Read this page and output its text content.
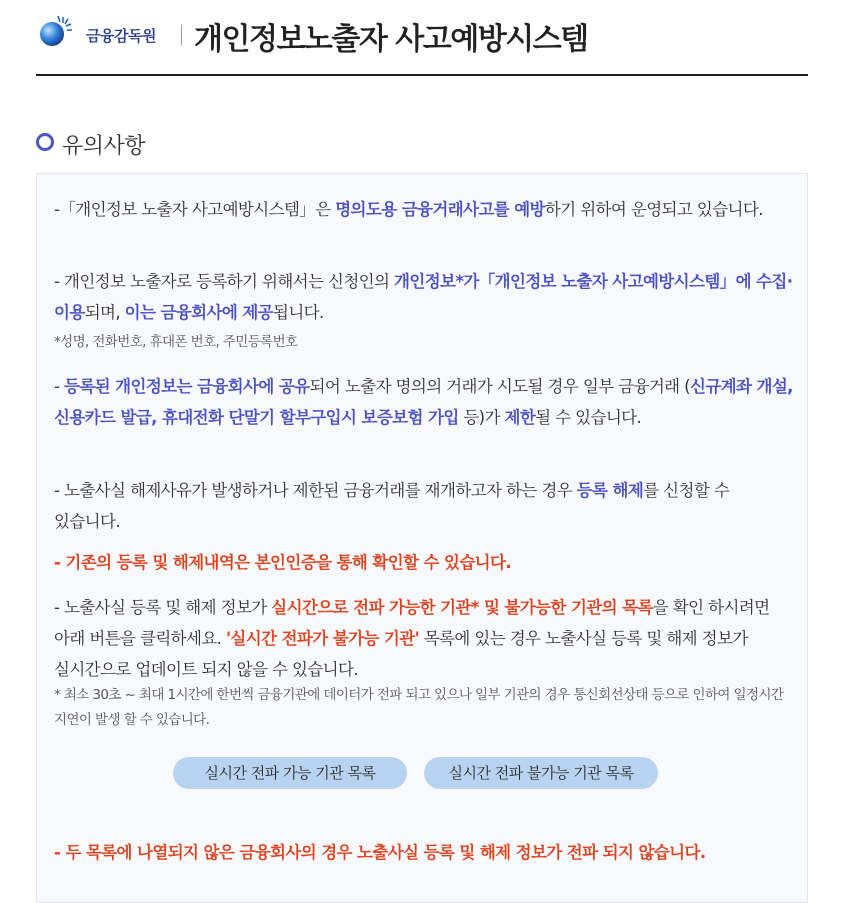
금융감독원 개인정보노출자 사고예방시스템
유의사항
-「개인정보 노출자 사고예방시스템」은 명의도용 금융거래사고를 예방하기 위하여 운영되고 있습니다.
- 개인정보 노출자로 등록하기 위해서는 신청인의 개인정보*가「개인정보 노출자 사고예방시스템」에 수집·이용되며, 이는 금융회사에 제공됩니다.
*성명, 전화번호, 휴대폰 번호, 주민등록번호
- 등록된 개인정보는 금융회사에 공유되어 노출자 명의의 거래가 시도될 경우 일부 금융거래 (신규계좌 개설, 신용카드 발급, 휴대전화 단말기 할부구입시 보증보험 가입 등)가 제한될 수 있습니다.
- 노출사실 해제사유가 발생하거나 제한된 금융거래를 재개하고자 하는 경우 등록 해제를 신청할 수 있습니다.
- 기존의 등록 및 해제내역은 본인인증을 통해 확인할 수 있습니다.
- 노출사실 등록 및 해제 정보가 실시간으로 전파 가능한 기관* 및 불가능한 기관의 목록을 확인 하시려면 아래 버튼을 클릭하세요. '실시간 전파가 불가능 기관' 목록에 있는 경우 노출사실 등록 및 해제 정보가 실시간으로 업데이트 되지 않을 수 있습니다.
* 최소 30초 ~ 최대 1시간에 한번씩 금융기관에 데이터가 전파 되고 있으나 일부 기관의 경우 통신회선상태 등으로 인하여 일정시간 지연이 발생 할 수 있습니다.
실시간 전파 가능 기관 목록	실시간 전파 불가능 기관 목록
- 두 목록에 나열되지 않은 금융회사의 경우 노출사실 등록 및 해제 정보가 전파 되지 않습니다.
